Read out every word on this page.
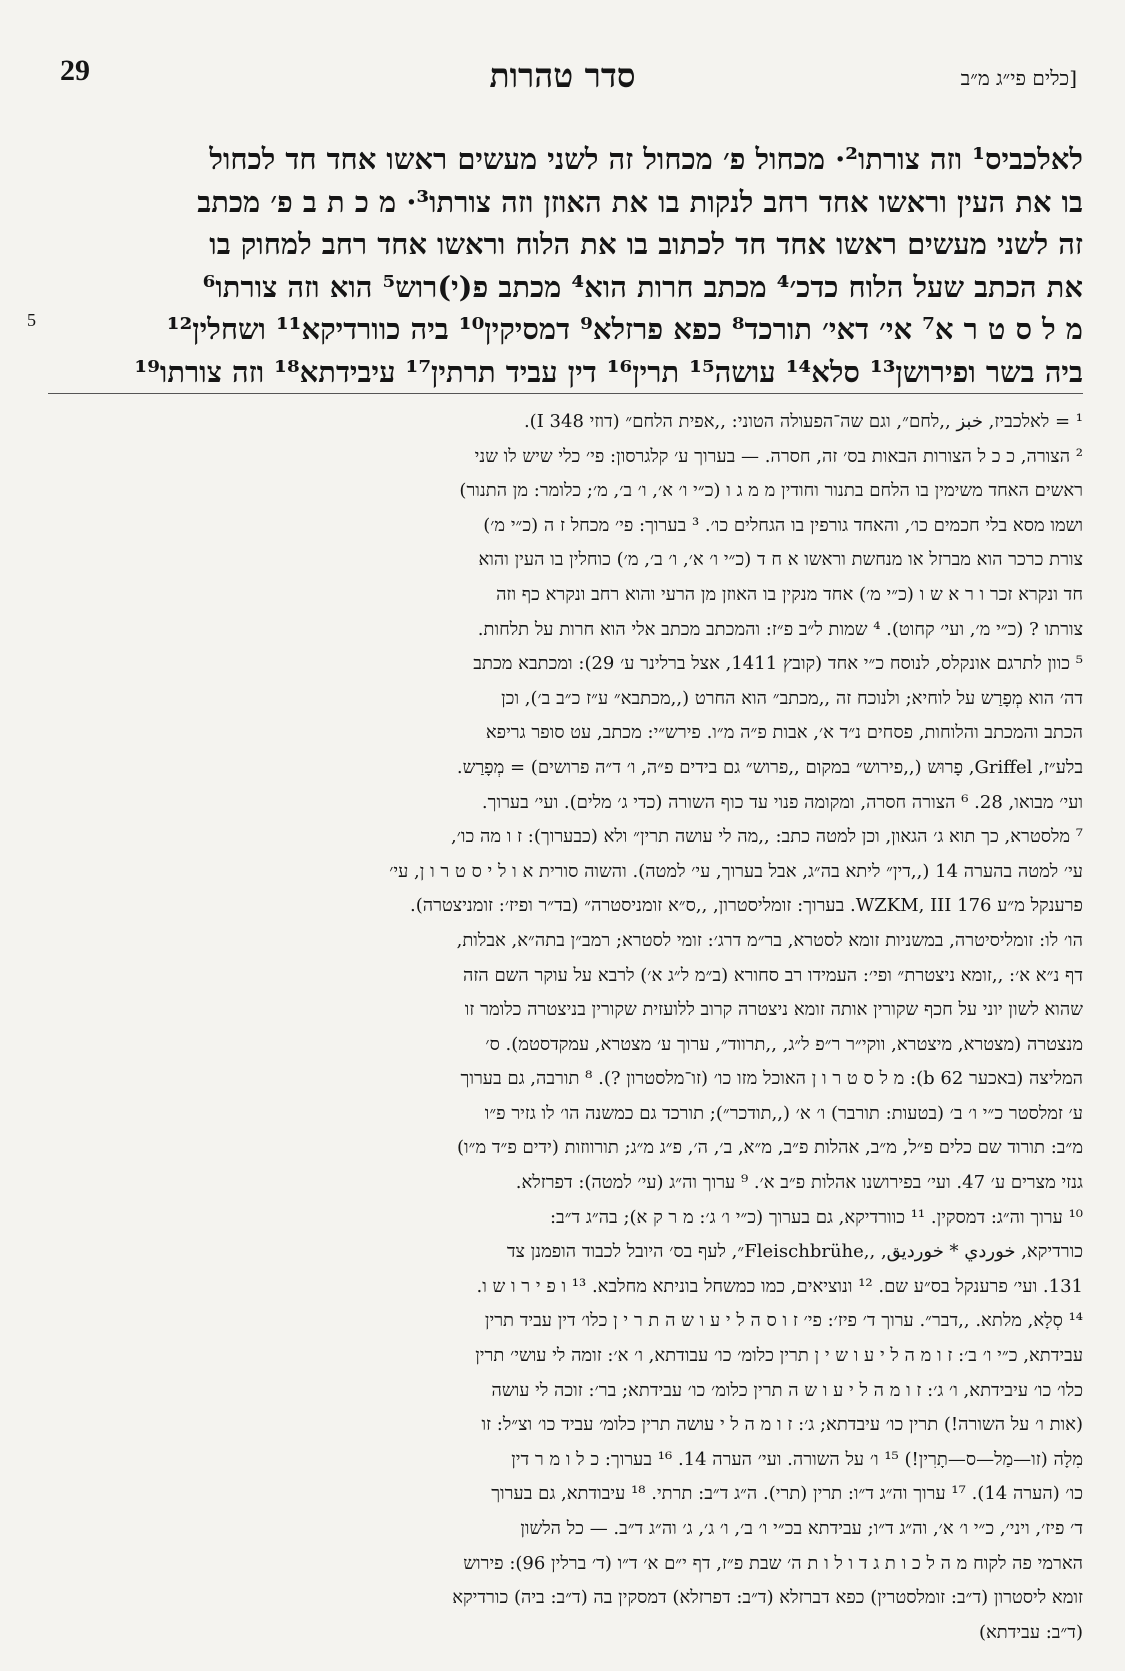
29	סדר טהרות	[כלים פי״ג מ״ב
5
לאלכביס¹ וזה צורתו²· מכחול פ׳ מכחול זה לשני מעשים ראשו אחד חד לכחול
בו את העין וראשו אחד רחב לנקות בו את האוזן וזה צורתו³· מ כ ת ב פ׳ מכתב
זה לשני מעשים ראשו אחד חד לכתוב בו את הלוח וראשו אחד רחב למחוק בו
את הכתב שעל הלוח כדכ׳⁴ מכתב חרות הוא⁴ מכתב פ(י)רוש⁵ הוא וזה צורתו⁶
מ ל ס ט ר א⁷ אי׳ דאי׳ תורכד⁸ כפא פרזלא⁹ דמסיקין¹⁰ ביה כוורדיקא¹¹ ושחלין¹²
ביה בשר ופירושן¹³ סלא¹⁴ עושה¹⁵ תרין¹⁶ דין עביד תרתין¹⁷ עיבידתא¹⁸ וזה צורתו¹⁹
¹ = לאלכביז, خبز ,,לחם״, וגם שה־הפעולה הטוני: ,,אפית הלחם״ (דוזי I 348).
² הצורה, כ כ ל הצורות הבאות בס׳ זה, חסרה. — בערוך ע׳ קלגרסון: פי׳ כלי שיש לו שני
ראשים האחד משימין בו הלחם בתנור וחודין מ מ ג ו (כ״י ו׳ א׳, ו׳ ב׳, מ׳; כלומר: מן התנור)
ושמו מסא בלי חכמים כו׳, והאחד גורפין בו הגחלים כו׳. ³ בערוך: פי׳ מכחל ז ה (כ״י מ׳)
צורת כרכר הוא מברזל או מנחשת וראשו א ח ד (כ״י ו׳ א׳, ו׳ ב׳, מ׳) כוחלין בו העין והוא
חד ונקרא זכר ו ר א ש ו (כ״י מ׳) אחד מנקין בו האוזן מן הרעי והוא רחב ונקרא כף וזה
צורתו ? (כ״י מ׳, ועי׳ קחוט). ⁴ שמות ל״ב פ״ז: והמכתב מכתב אלי הוא חרות על תלחות.
⁵ כוון לתרגם אונקלס, לנוסח כ״י אחד (קובץ 1411, אצל ברלינר ע׳ 29): ומכתבא מכתב
דה׳ הוא מְפָרַש על לוחיא; ולנוכח זה ,,מכתב״ הוא החרט (,,מכתבא״ ע״ז כ״ב ב׳), וכן
הכתב והמכתב והלוחות, פסחים נ״ד א׳, אבות פ״ה מ״ו. פירש״י: מכתב, עט סופר גריפא
בלע״ז, Griffel, פָרוּש (,,פירוש״ במקום ,,פרוש״ גם בידים פ״ה, ו׳ ד״ה פרושים) = מְפָרַש.
ועי׳ מבואו, 28. ⁶ הצורה חסרה, ומקומה פנוי עד כוף השורה (כדי ג׳ מלים). ועי׳ בערוך.
⁷ מלסטרא, כך תוא ג׳ הגאון, וכן למטה כתב: ,,מה לי עושה תרין״ ולא (כבערוך): ז ו מה כו׳,
עי׳ למטה בהערה 14 (,,דין״ ליתא בה״ג, אבל בערוך, עי׳ למטה). והשוה סורית א ו ל י ס ט ר ו ן, עי׳
פרענקל מ״ע WZKM, III 176. בערוך: זומליסטרון, ,,ס״א זומניסטרה״ (בד״ר ופיז׳: זומניצטרה).
הו׳ לו: זומליסיטרה, במשניות זומא לסטרא, בר״מ דרג׳: זומי לסטרא; רמב״ן בתה״א, אבלות,
דף נ״א א׳: ,,זומא ניצטרת״ ופי׳: העמידו רב סחורא (ב״מ ל״ג א׳) לרבא על עוקר השם הזה
שהוא לשון יוני על חכף שקורין אותה זומא ניצטרה קרוב ללועזית שקורין בניצטרה כלומר זו
מנצטרה (מצטרא, מיצטרא, ווקי״ר ר״פ ל״ג, ,,תרווד״, ערוך ע׳ מצטרא, עמקדסטמ). ס׳
המליצה (באכער 62 b): מ ל ס ט ר ו ן האוכל מזו כו׳ (זו־מלסטרון ?). ⁸ תורבה, גם בערוך
ע׳ זמלסטר כ״י ו׳ ב׳ (בטעות: תורבר) ו׳ א׳ (,,תודכר״); תורכד גם כמשנה הו׳ לו גזיר פ״ו
מ״ב: תורוד שם כלים פ״ל, מ״ב, אהלות פ״ב, מ״א, ב׳, ה׳, פ״ג מ״ג; תורווזות (ידים פ״ד מ״ו)
גנזי מצרים ע׳ 47. ועי׳ בפירושנו אהלות פ״ב א׳. ⁹ ערוך וה״ג (עי׳ למטה): דפרזלא.
¹⁰ ערוך וה״ג: דמסקין. ¹¹ כוורדיקא, גם בערוך (כ״י ו׳ ג׳: מ ר ק א); בה״ג ד״ב:
כורדיקא, خوردي * خوردیق, ,,Fleischbrühe״, לעף בס׳ היובל לכבוד הופמנן צד
131. ועי׳ פרענקל בס״ע שם. ¹² ונוציאים, כמו כמשחל בוניתא מחלבא. ¹³ ו פ י ר ו ש ו.
¹⁴ סְלָא, מלתא. ,,דבר״. ערוך ד׳ פיז׳: פי׳ ז ו ס ה ל י ע ו ש ה ת ר י ן כלו׳ דין עביד תרין
עבידתא, כ״י ו׳ ב׳: ז ו מ ה ל י ע ו ש י ן תרין כלומ׳ כו׳ עבודתא, ו׳ א׳: זומה לי עושי׳ תרין
כלו׳ כו׳ עיבידתא, ו׳ ג׳: ז ו מ ה ל י ע ו ש ה תרין כלומ׳ כו׳ עבידתא; בר׳: זוכה לי עושה
(אות ו׳ על השורה!) תרין כו׳ עיבדתא; ג׳: ז ו מ ה ל י עושה תרין כלומ׳ עביד כו׳ וצ״ל: זו
מִלָה (זו—מַל—ס—תָרִין!) ¹⁵ ו׳ על השורה. ועי׳ הערה 14. ¹⁶ בערוך: כ ל ו מ ר דין
כו׳ (הערה 14). ¹⁷ ערוך וה״ג ד״ו: תרין (תרי). ה״ג ד״ב: תרתי. ¹⁸ עיבודתא, גם בערוך
ד׳ פיז׳, ויני׳, כ״י ו׳ א׳, וה״ג ד״ו; עבידתא בכ״י ו׳ ב׳, ו׳ ג׳, ג׳ וה״ג ד״ב. — כל הלשון
הארמי פה לקוח מ ה ל כ ו ת ג ד ו ל ו ת ה׳ שבת פ״ז, דף י״ם א׳ ד״ו (ד׳ ברלין 96): פירוש
זומא ליסטרון (ד״ב: זומלסטרין) כפא דברזלא (ד״ב: דפרזלא) דמסקין בה (ד״ב: ביה) כורדיקא
(ד״ב: עבידתא)
